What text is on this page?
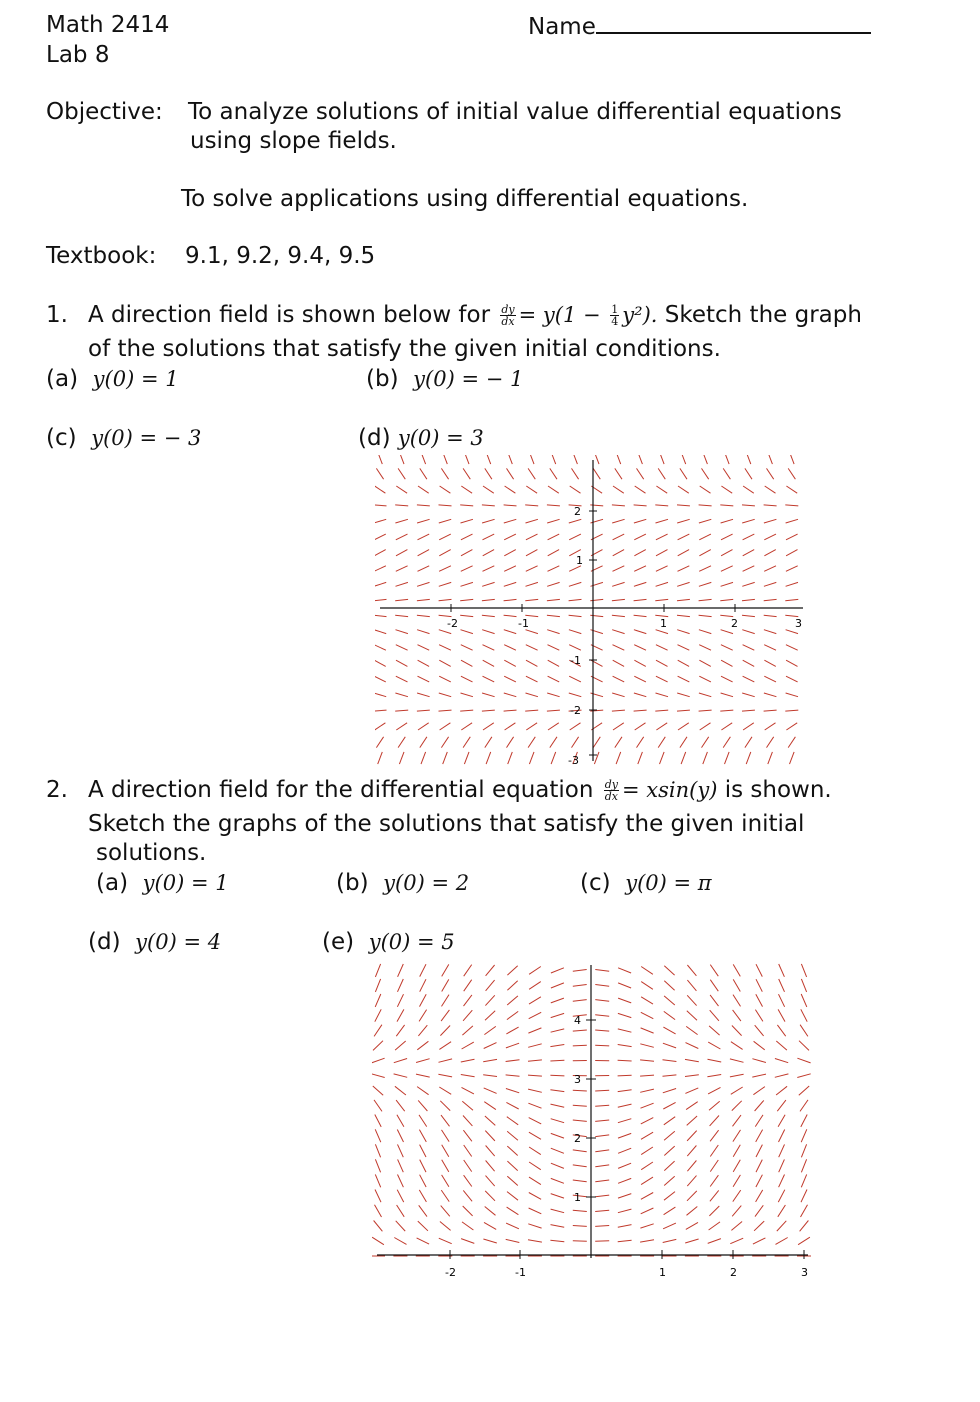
Math 2414
Lab 8
Name
Objective: To analyze solutions of initial value differential equations
using slope fields.
To solve applications using differential equations.
Textbook: 9.1, 9.2, 9.4, 9.5
1. A direction field is shown below for $\frac{dy}{dx} = y(1 - \frac{1}{4} y^2)$. Sketch the graph
of the solutions that satisfy the given initial conditions.
(a) y(0) = 1	(b) y(0) = − 1
(c) y(0) = − 3	(d) y(0) = 3
-2	-1	1	2	3
2
1
-1
-2
-3
2. A direction field for the differential equation $\frac{dy}{dx} = xsin(y)$ is shown.
Sketch the graphs of the solutions that satisfy the given initial
solutions.
(a) y(0) = 1	(b) y(0) = 2	(c) y(0) = π
(d) y(0) = 4	(e) y(0) = 5
-2	-1	1	2	3
4
3
2
1
